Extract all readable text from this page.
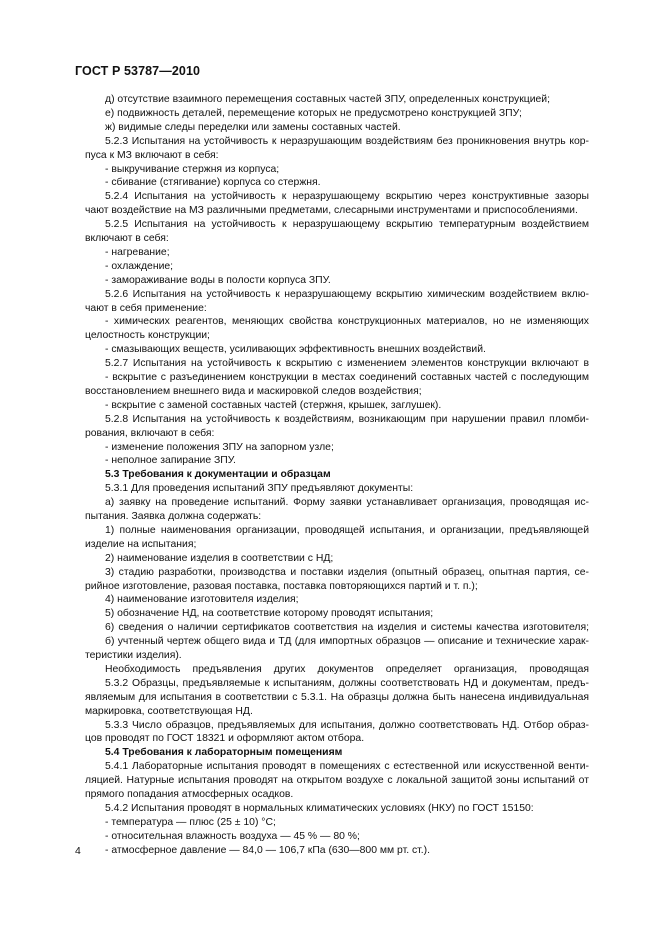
ГОСТ Р 53787—2010
д) отсутствие взаимного перемещения составных частей ЗПУ, определенных конструкцией;
е) подвижность деталей, перемещение которых не предусмотрено конструкцией ЗПУ;
ж) видимые следы переделки или замены составных частей.
5.2.3 Испытания на устойчивость к неразрушающим воздействиям без проникновения внутрь кор-
пуса к МЗ включают в себя:
- выкручивание стержня из корпуса;
- сбивание (стягивание) корпуса со стержня.
5.2.4 Испытания на устойчивость к неразрушающему вскрытию через конструктивные зазоры
чают воздействие на МЗ различными предметами, слесарными инструментами и приспособлениями.
5.2.5 Испытания на устойчивость к неразрушающему вскрытию температурным воздействием
включают в себя:
- нагревание;
- охлаждение;
- замораживание воды в полости корпуса ЗПУ.
5.2.6 Испытания на устойчивость к неразрушающему вскрытию химическим воздействием вклю-
чают в себя применение:
- химических реагентов, меняющих свойства конструкционных материалов, но не изменяющих
целостность конструкции;
- смазывающих веществ, усиливающих эффективность внешних воздействий.
5.2.7 Испытания на устойчивость к вскрытию с изменением элементов конструкции включают в
- вскрытие с разъединением конструкции в местах соединений составных частей с последующим
восстановлением внешнего вида и маскировкой следов воздействия;
- вскрытие с заменой составных частей (стержня, крышек, заглушек).
5.2.8 Испытания на устойчивость к воздействиям, возникающим при нарушении правил пломби-
рования, включают в себя:
- изменение положения ЗПУ на запорном узле;
- неполное запирание ЗПУ.
5.3 Требования к документации и образцам
5.3.1 Для проведения испытаний ЗПУ предъявляют документы:
а) заявку на проведение испытаний. Форму заявки устанавливает организация, проводящая ис-
пытания. Заявка должна содержать:
1) полные наименования организации, проводящей испытания, и организации, предъявляющей
изделие на испытания;
2) наименование изделия в соответствии с НД;
3) стадию разработки, производства и поставки изделия (опытный образец, опытная партия, се-
рийное изготовление, разовая поставка, поставка повторяющихся партий и т. п.);
4) наименование изготовителя изделия;
5) обозначение НД, на соответствие которому проводят испытания;
6) сведения о наличии сертификатов соответствия на изделия и системы качества изготовителя;
б) учтенный чертеж общего вида и ТД (для импортных образцов — описание и технические харак-
теристики изделия).
Необходимость предъявления других документов определяет организация, проводящая
5.3.2 Образцы, предъявляемые к испытаниям, должны соответствовать НД и документам, предъ-
являемым для испытания в соответствии с 5.3.1. На образцы должна быть нанесена индивидуальная
маркировка, соответствующая НД.
5.3.3 Число образцов, предъявляемых для испытания, должно соответствовать НД. Отбор образ-
цов проводят по ГОСТ 18321 и оформляют актом отбора.
5.4 Требования к лабораторным помещениям
5.4.1 Лабораторные испытания проводят в помещениях с естественной или искусственной венти-
ляцией. Натурные испытания проводят на открытом воздухе с локальной защитой зоны испытаний от
прямого попадания атмосферных осадков.
5.4.2 Испытания проводят в нормальных климатических условиях (НКУ) по ГОСТ 15150:
- температура — плюс (25 ± 10) °С;
- относительная влажность воздуха — 45 % — 80 %;
- атмосферное давление — 84,0 — 106,7 кПа (630—800 мм рт. ст.).
4
